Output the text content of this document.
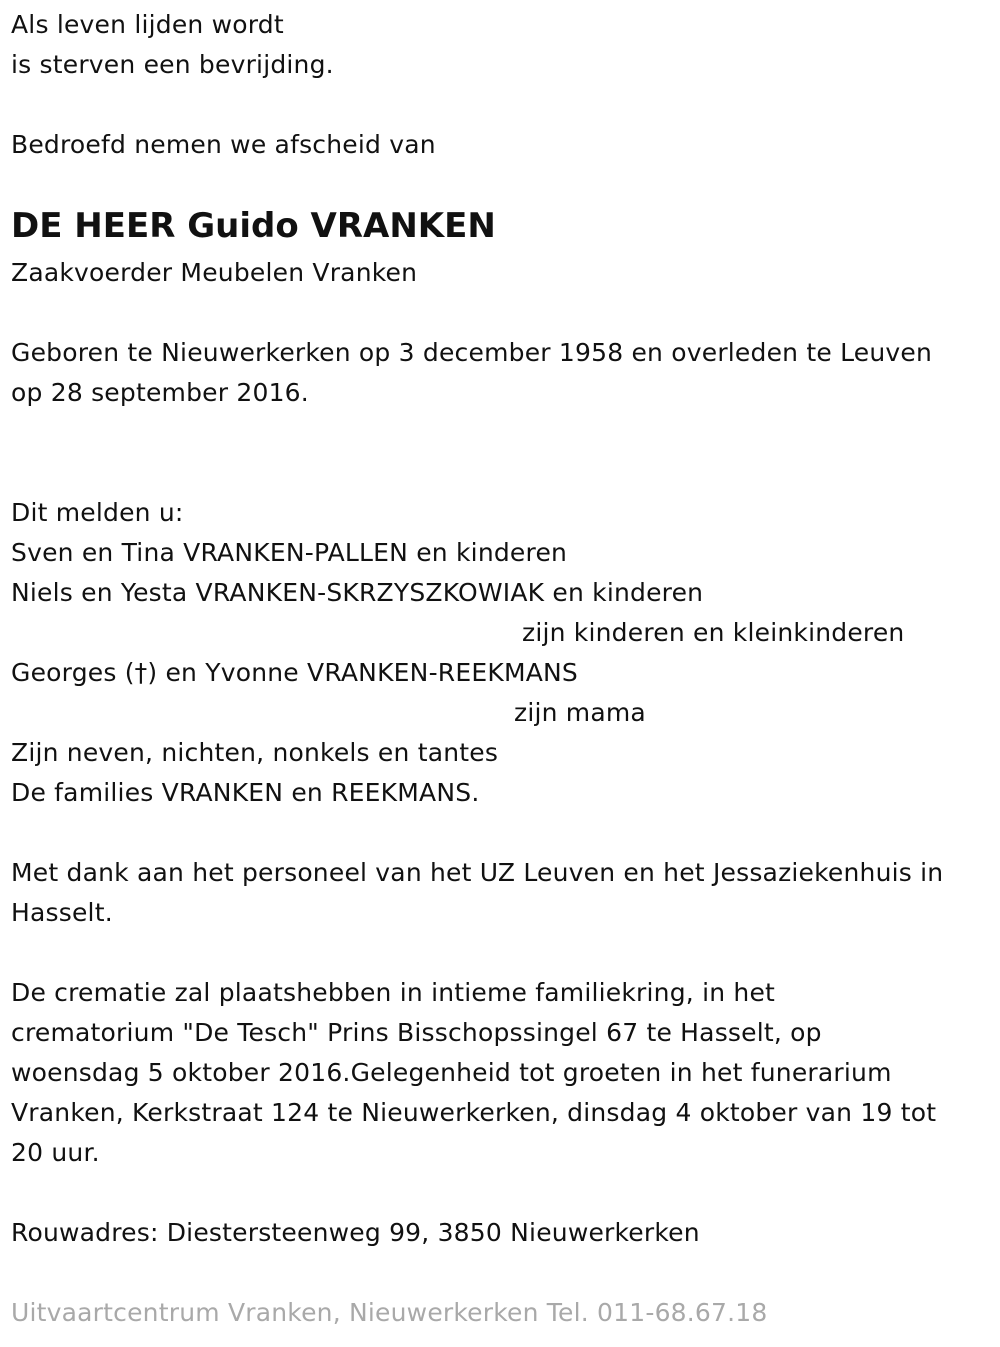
Als leven lijden wordt

is sterven een bevrijding.

Bedroefd nemen we afscheid van

DE HEER Guido VRANKEN

Zaakvoerder Meubelen Vranken

Geboren te Nieuwerkerken op 3 december 1958 en overleden te Leuven

op 28 september 2016.

Dit melden u:

Sven en Tina VRANKEN-PALLEN en kinderen

Niels en Yesta VRANKEN-SKRZYSZKOWIAK en kinderen

zijn kinderen en kleinkinderen

Georges (†) en Yvonne VRANKEN-REEKMANS

zijn mama

Zijn neven, nichten, nonkels en tantes

De families VRANKEN en REEKMANS.

Met dank aan het personeel van het UZ Leuven en het Jessaziekenhuis in

Hasselt.

De crematie zal plaatshebben in intieme familiekring, in het

crematorium "De Tesch" Prins Bisschopssingel 67 te Hasselt, op

woensdag 5 oktober 2016.Gelegenheid tot groeten in het funerarium

Vranken, Kerkstraat 124 te Nieuwerkerken, dinsdag 4 oktober van 19 tot

20 uur.

Rouwadres: Diestersteenweg 99, 3850 Nieuwerkerken

Uitvaartcentrum Vranken, Nieuwerkerken Tel. 011-68.67.18
